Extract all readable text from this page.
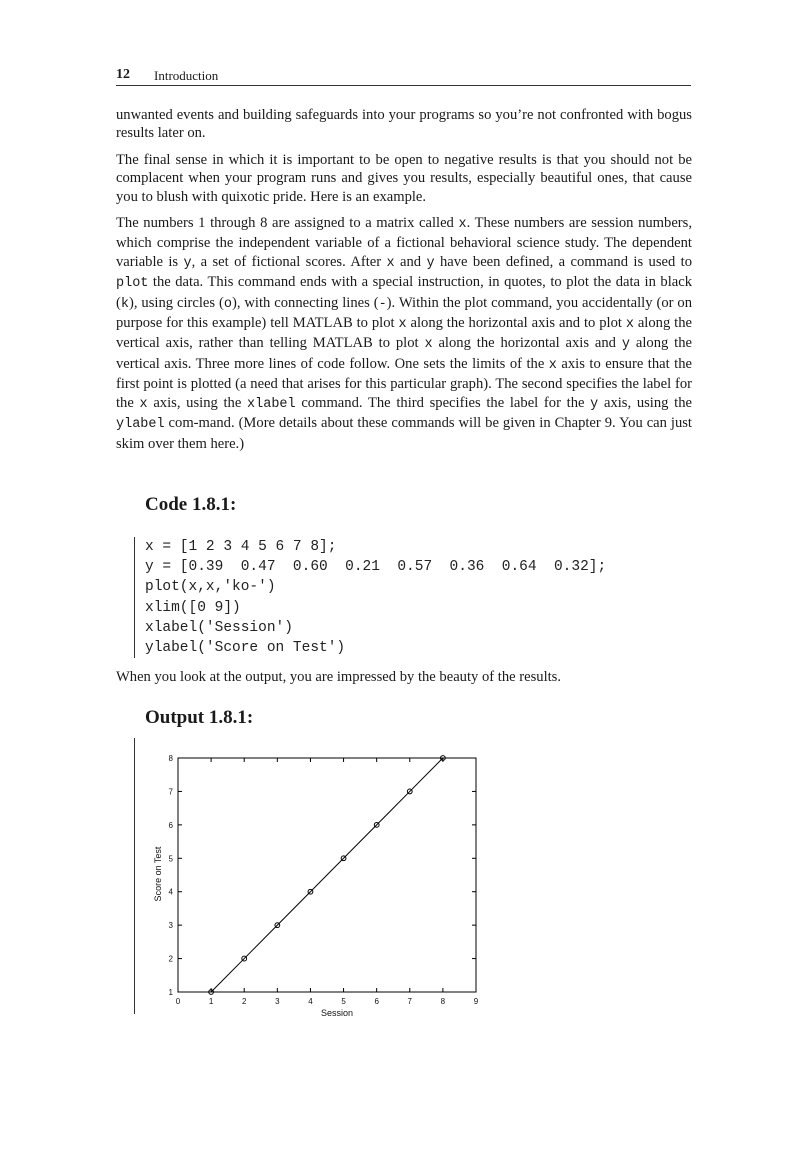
12 Introduction

unwanted events and building safeguards into your programs so you’re not confronted with bogus results later on.

The final sense in which it is important to be open to negative results is that you should not be complacent when your program runs and gives you results, especially beautiful ones, that cause you to blush with quixotic pride. Here is an example.

The numbers 1 through 8 are assigned to a matrix called x. These numbers are session numbers, which comprise the independent variable of a fictional behavioral science study. The dependent variable is y, a set of fictional scores. After x and y have been defined, a command is used to plot the data. This command ends with a special instruction, in quotes, to plot the data in black (k), using circles (o), with connecting lines (-). Within the plot command, you accidentally (or on purpose for this example) tell MATLAB to plot x along the horizontal axis and to plot x along the vertical axis, rather than telling MATLAB to plot x along the horizontal axis and y along the vertical axis. Three more lines of code follow. One sets the limits of the x axis to ensure that the first point is plotted (a need that arises for this particular graph). The second specifies the label for the x axis, using the xlabel command. The third specifies the label for the y axis, using the ylabel com-mand. (More details about these commands will be given in Chapter 9. You can just skim over them here.)

Code 1.8.1:
x = [1 2 3 4 5 6 7 8];
y = [0.39  0.47  0.60  0.21  0.57  0.36  0.64  0.32];
plot(x,x,'ko-')
xlim([0 9])
xlabel('Session')
ylabel('Score on Test')

When you look at the output, you are impressed by the beauty of the results.

Output 1.8.1:
0	1	2	3	4	5	6	7	8	9
1
2
3
4
5
6
7
8
Session
Score on Test
